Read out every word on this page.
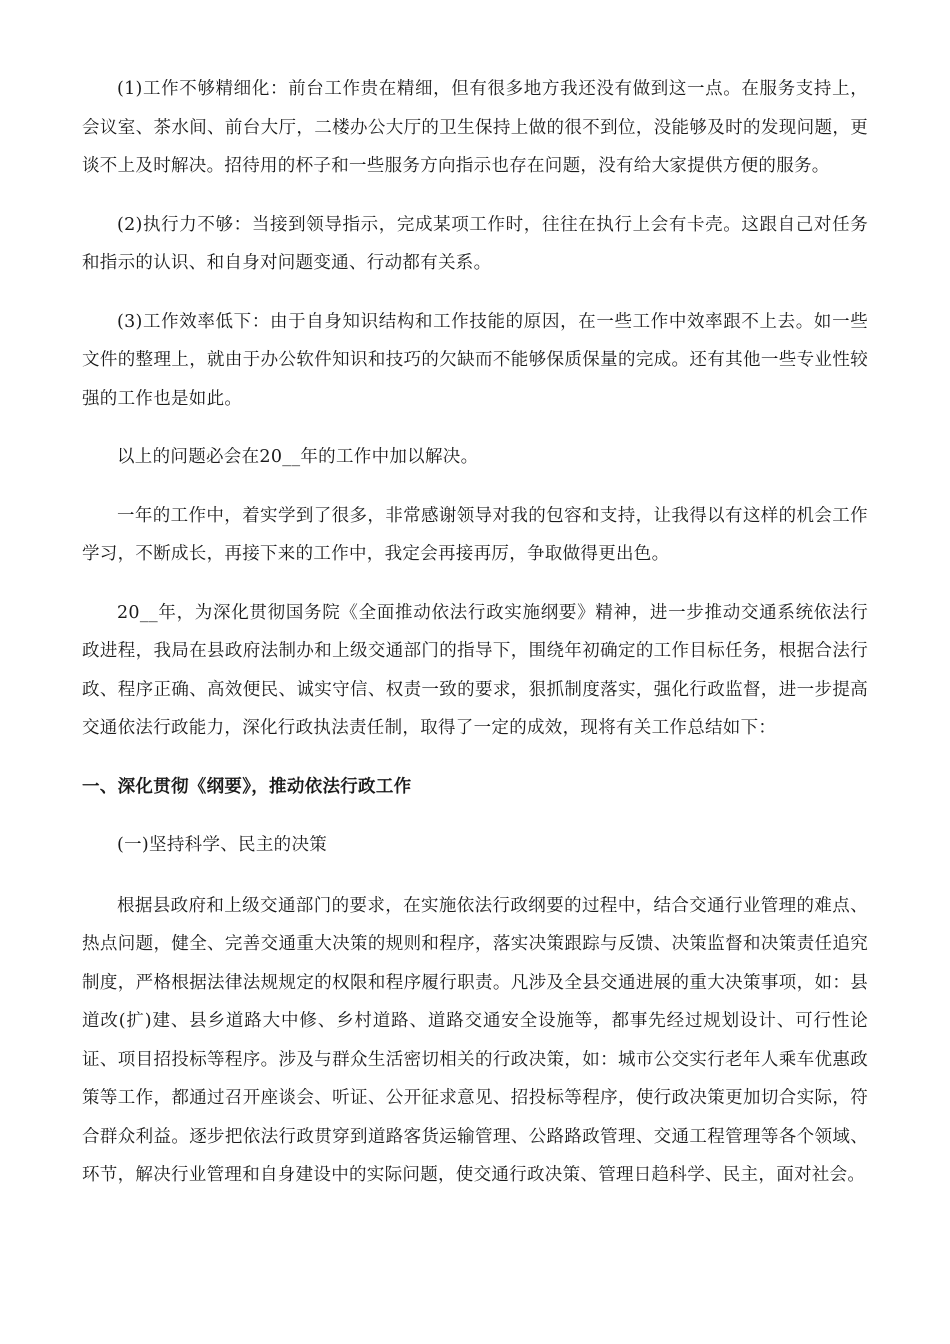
(1)工作不够精细化：前台工作贵在精细，但有很多地方我还没有做到这一点。在服务支持上，会议室、茶水间、前台大厅，二楼办公大厅的卫生保持上做的很不到位，没能够及时的发现问题，更谈不上及时解决。招待用的杯子和一些服务方向指示也存在问题，没有给大家提供方便的服务。

(2)执行力不够：当接到领导指示，完成某项工作时，往往在执行上会有卡壳。这跟自己对任务和指示的认识、和自身对问题变通、行动都有关系。

(3)工作效率低下：由于自身知识结构和工作技能的原因，在一些工作中效率跟不上去。如一些文件的整理上，就由于办公软件知识和技巧的欠缺而不能够保质保量的完成。还有其他一些专业性较强的工作也是如此。

以上的问题必会在20__年的工作中加以解决。

一年的工作中，着实学到了很多，非常感谢领导对我的包容和支持，让我得以有这样的机会工作学习，不断成长，再接下来的工作中，我定会再接再厉，争取做得更出色。

20__年，为深化贯彻国务院《全面推动依法行政实施纲要》精神，进一步推动交通系统依法行政进程，我局在县政府法制办和上级交通部门的指导下，围绕年初确定的工作目标任务，根据合法行政、程序正确、高效便民、诚实守信、权责一致的要求，狠抓制度落实，强化行政监督，进一步提高交通依法行政能力，深化行政执法责任制，取得了一定的成效，现将有关工作总结如下：

一、深化贯彻《纲要》，推动依法行政工作

(一)坚持科学、民主的决策

根据县政府和上级交通部门的要求，在实施依法行政纲要的过程中，结合交通行业管理的难点、热点问题，健全、完善交通重大决策的规则和程序，落实决策跟踪与反馈、决策监督和决策责任追究制度，严格根据法律法规规定的权限和程序履行职责。凡涉及全县交通进展的重大决策事项，如：县道改(扩)建、县乡道路大中修、乡村道路、道路交通安全设施等，都事先经过规划设计、可行性论证、项目招投标等程序。涉及与群众生活密切相关的行政决策，如：城市公交实行老年人乘车优惠政策等工作，都通过召开座谈会、听证、公开征求意见、招投标等程序，使行政决策更加切合实际，符合群众利益。逐步把依法行政贯穿到道路客货运输管理、公路路政管理、交通工程管理等各个领域、环节，解决行业管理和自身建设中的实际问题，使交通行政决策、管理日趋科学、民主，面对社会。
